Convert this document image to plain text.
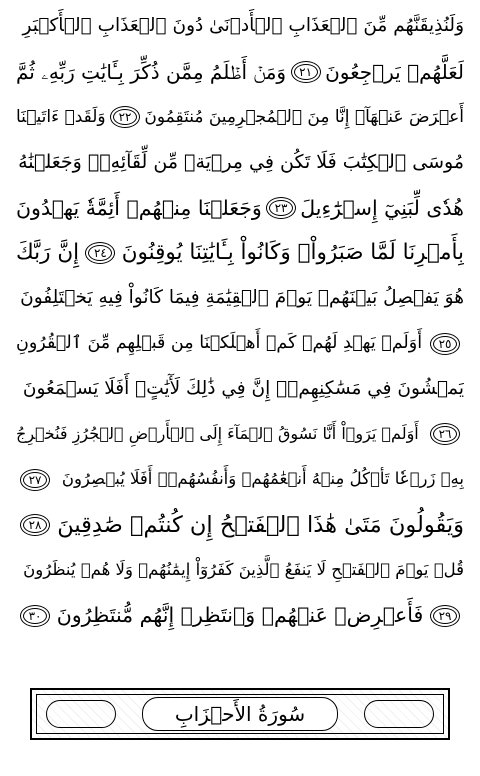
وَلَنُذِيقَنَّهُم مِّنَ ٱلۡعَذَابِ ٱلۡأَدۡنَىٰ دُونَ ٱلۡعَذَابِ ٱلۡأَكۡبَرِ
لَعَلَّهُمۡ يَرۡجِعُونَ
٢١
وَمَنۡ أَظۡلَمُ مِمَّن ذُكِّرَ بِـَٔايَٰتِ رَبِّهِۦ ثُمَّ
أَعۡرَضَ عَنۡهَآۚ إِنَّا مِنَ ٱلۡمُجۡرِمِينَ مُنتَقِمُونَ
٢٢
وَلَقَدۡ ءَاتَيۡنَا
مُوسَى ٱلۡكِتَٰبَ فَلَا تَكُن فِي مِرۡيَةٖ مِّن لِّقَآئِهِۦۖ وَجَعَلۡنَٰهُ
هُدٗى لِّبَنِيٓ إِسۡرَٰٓءِيلَ
٢٣
وَجَعَلۡنَا مِنۡهُمۡ أَئِمَّةٗ يَهۡدُونَ
بِأَمۡرِنَا لَمَّا صَبَرُواْۖ وَكَانُواْ بِـَٔايَٰتِنَا يُوقِنُونَ
٢٤
إِنَّ رَبَّكَ
هُوَ يَفۡصِلُ بَيۡنَهُمۡ يَوۡمَ ٱلۡقِيَٰمَةِ فِيمَا كَانُواْ فِيهِ يَخۡتَلِفُونَ
٢٥
أَوَلَمۡ يَهۡدِ لَهُمۡ كَمۡ أَهۡلَكۡنَا مِن قَبۡلِهِم مِّنَ ٱلۡقُرُونِ
يَمۡشُونَ فِي مَسَٰكِنِهِمۡۚ إِنَّ فِي ذَٰلِكَ لَأٓيَٰتٍۚ أَفَلَا يَسۡمَعُونَ
٢٦
أَوَلَمۡ يَرَوۡاْ أَنَّا نَسُوقُ ٱلۡمَآءَ إِلَى ٱلۡأَرۡضِ ٱلۡجُرُزِ فَنُخۡرِجُ
بِهِۦ زَرۡعٗا تَأۡكُلُ مِنۡهُ أَنۡعَٰمُهُمۡ وَأَنفُسُهُمۡۚ أَفَلَا يُبۡصِرُونَ
٢٧
وَيَقُولُونَ مَتَىٰ هَٰذَا ٱلۡفَتۡحُ إِن كُنتُمۡ صَٰدِقِينَ
٢٨
قُلۡ يَوۡمَ ٱلۡفَتۡحِ لَا يَنفَعُ ٱلَّذِينَ كَفَرُوٓاْ إِيمَٰنُهُمۡ وَلَا هُمۡ يُنظَرُونَ
٢٩
فَأَعۡرِضۡ عَنۡهُمۡ وَٱنتَظِرۡ إِنَّهُم مُّنتَظِرُونَ
٣٠
سُورَةُ الأَحۡزَابِ
